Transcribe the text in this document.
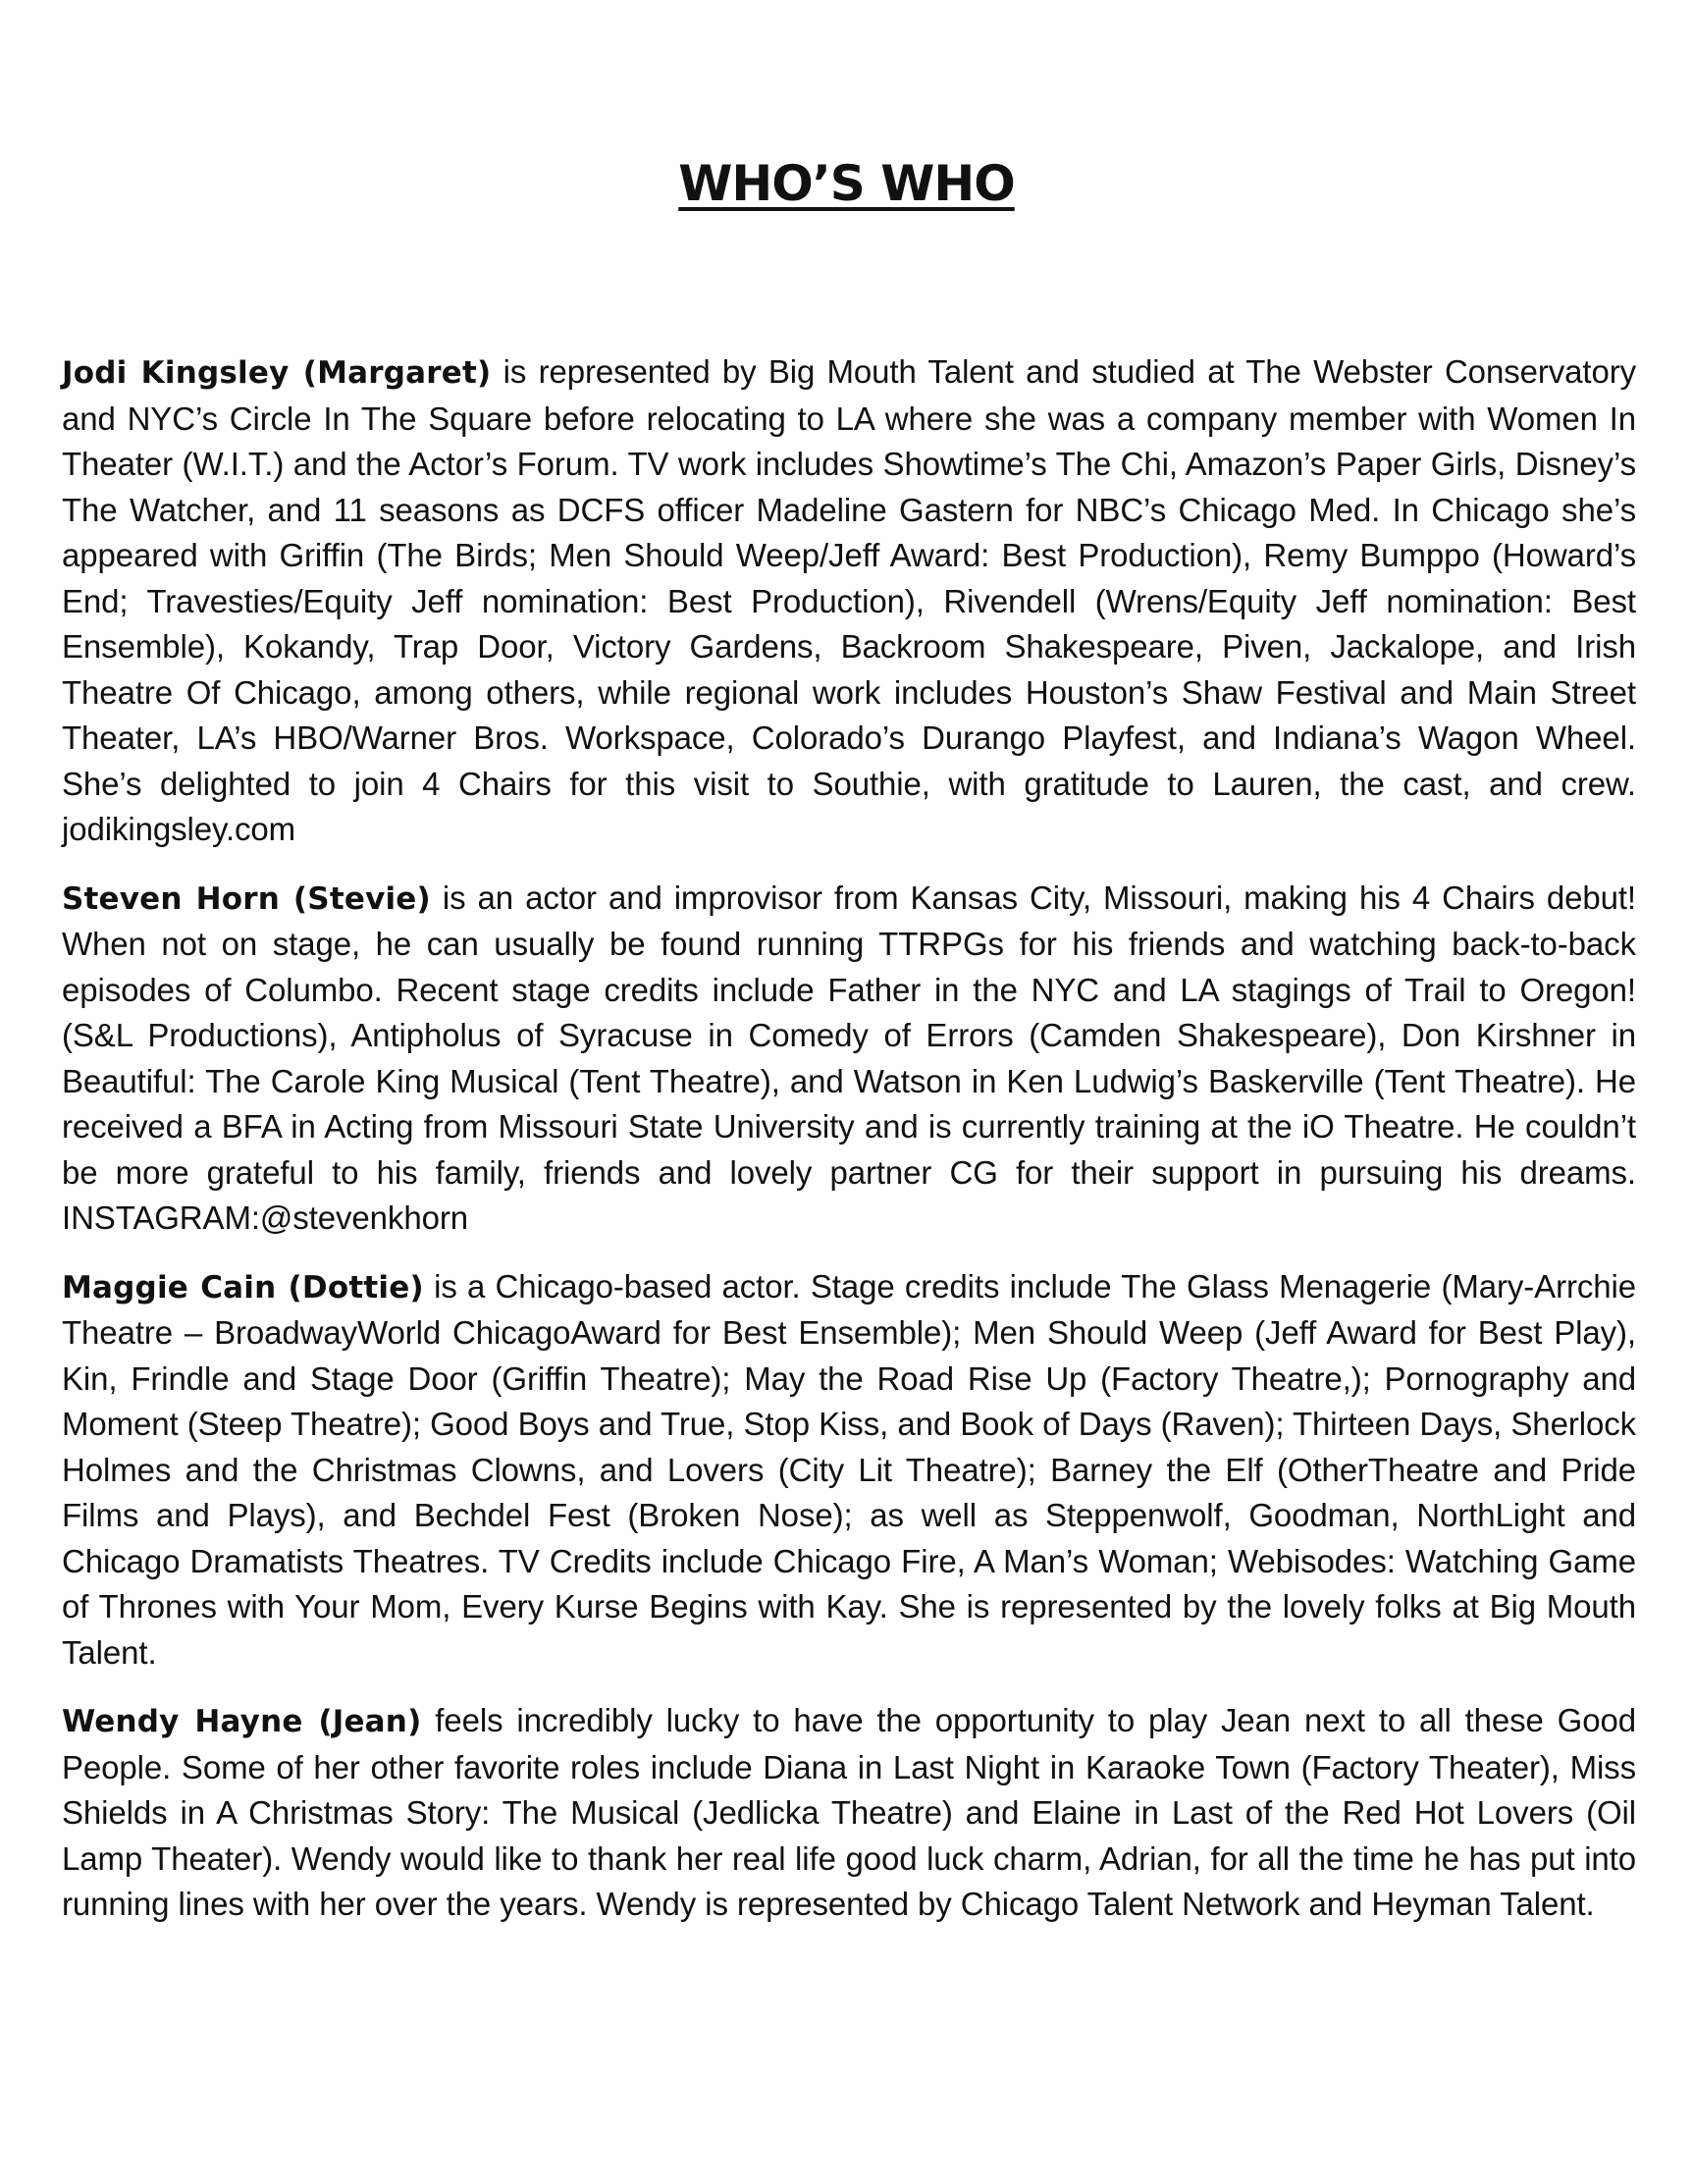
WHO’S WHO

Jodi Kingsley (Margaret) is represented by Big Mouth Talent and studied at The Webster Conservatory and NYC’s Circle In The Square before relocating to LA where she was a company member with Women In Theater (W.I.T.) and the Actor’s Forum. TV work includes Showtime’s The Chi, Amazon’s Paper Girls, Disney’s The Watcher, and 11 seasons as DCFS officer Madeline Gastern for NBC’s Chicago Med. In Chicago she’s appeared with Griffin (The Birds; Men Should Weep/Jeff Award: Best Production), Remy Bumppo (Howard’s End; Travesties/Equity Jeff nomination: Best Production), Rivendell (Wrens/Equity Jeff nomination: Best Ensemble), Kokandy, Trap Door, Victory Gardens, Backroom Shakespeare, Piven, Jackalope, and Irish Theatre Of Chicago, among others, while regional work includes Houston’s Shaw Festival and Main Street Theater, LA’s HBO/Warner Bros. Workspace, Colorado’s Durango Playfest, and Indiana’s Wagon Wheel. She’s delighted to join 4 Chairs for this visit to Southie, with gratitude to Lauren, the cast, and crew. jodikingsley.com

Steven Horn (Stevie) is an actor and improvisor from Kansas City, Missouri, making his 4 Chairs debut! When not on stage, he can usually be found running TTRPGs for his friends and watching back-to-back episodes of Columbo. Recent stage credits include Father in the NYC and LA stagings of Trail to Oregon! (S&L Productions), Antipholus of Syracuse in Comedy of Errors (Camden Shakespeare), Don Kirshner in Beautiful: The Carole King Musical (Tent Theatre), and Watson in Ken Ludwig’s Baskerville (Tent Theatre). He received a BFA in Acting from Missouri State University and is currently training at the iO Theatre. He couldn’t be more grateful to his family, friends and lovely partner CG for their support in pursuing his dreams. INSTAGRAM:@stevenkhorn

Maggie Cain (Dottie) is a Chicago-based actor. Stage credits include The Glass Menagerie (Mary-Arrchie Theatre – BroadwayWorld ChicagoAward for Best Ensemble); Men Should Weep (Jeff Award for Best Play), Kin, Frindle and Stage Door (Griffin Theatre); May the Road Rise Up (Factory Theatre,); Pornography and Moment (Steep Theatre); Good Boys and True, Stop Kiss, and Book of Days (Raven); Thirteen Days, Sherlock Holmes and the Christmas Clowns, and Lovers (City Lit Theatre); Barney the Elf (OtherTheatre and Pride Films and Plays), and Bechdel Fest (Broken Nose); as well as Steppenwolf, Goodman, NorthLight and Chicago Dramatists Theatres. TV Credits include Chicago Fire, A Man’s Woman; Webisodes: Watching Game of Thrones with Your Mom, Every Kurse Begins with Kay. She is represented by the lovely folks at Big Mouth Talent.

Wendy Hayne (Jean) feels incredibly lucky to have the opportunity to play Jean next to all these Good People. Some of her other favorite roles include Diana in Last Night in Karaoke Town (Factory Theater), Miss Shields in A Christmas Story: The Musical (Jedlicka Theatre) and Elaine in Last of the Red Hot Lovers (Oil Lamp Theater). Wendy would like to thank her real life good luck charm, Adrian, for all the time he has put into running lines with her over the years. Wendy is represented by Chicago Talent Network and Heyman Talent.
